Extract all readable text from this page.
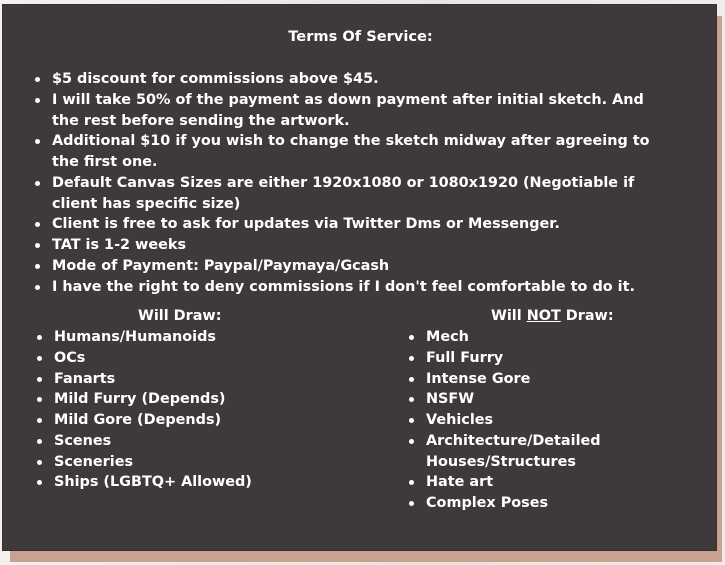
Terms Of Service:
$5 discount for commissions above $45.
I will take 50% of the payment as down payment after initial sketch. And the rest before sending the artwork.
Additional $10 if you wish to change the sketch midway after agreeing to the first one.
Default Canvas Sizes are either 1920x1080 or 1080x1920 (Negotiable if client has specific size)
Client is free to ask for updates via Twitter Dms or Messenger.
TAT is 1-2 weeks
Mode of Payment: Paypal/Paymaya/Gcash
I have the right to deny commissions if I don't feel comfortable to do it.
Will Draw:	Will NOT Draw:
Humans/Humanoids
OCs
Fanarts
Mild Furry (Depends)
Mild Gore (Depends)
Scenes
Sceneries
Ships (LGBTQ+ Allowed)
Mech
Full Furry
Intense Gore
NSFW
Vehicles
Architecture/Detailed Houses/Structures
Hate art
Complex Poses
